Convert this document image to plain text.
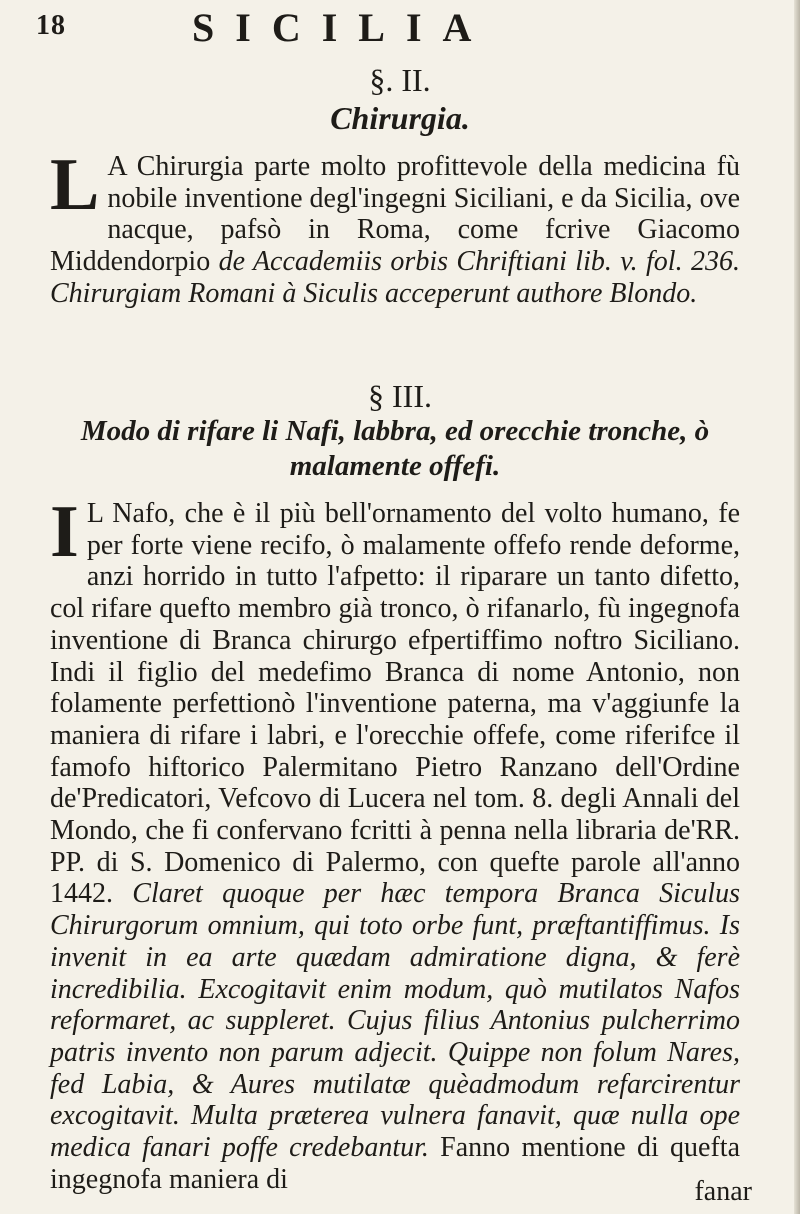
18	SICILIA
§. II.
Chirurgia.

L A Chirurgia parte molto profittevole della medicina fù nobile inventione degl'ingegni Siciliani, e da Sicilia, ove nacque, pafsò in Roma, come fcrive Giacomo Middendorpio de Accademiis orbis Chriftiani lib. v. fol. 236. Chirurgiam Romani à Siculis acceperunt authore Blondo.

§ III.
Modo di rifare li Nafi, labbra, ed orecchie tronche, ò malamente offefi.

I L Nafo, che è il più bell'ornamento del volto humano, fe per forte viene recifo, ò malamente offefo rende deforme, anzi horrido in tutto l'afpetto: il riparare un tanto difetto, col rifare quefto membro già tronco, ò rifanarlo, fù ingegnofa inventione di Branca chirurgo efpertiffimo noftro Siciliano. Indi il figlio del medefimo Branca di nome Antonio, non folamente perfettionò l'inventione paterna, ma v'aggiunfe la maniera di rifare i labri, e l'orecchie offefe, come riferifce il famofo hiftorico Palermitano Pietro Ranzano dell'Ordine de'Predicatori, Vefcovo di Lucera nel tom. 8. degli Annali del Mondo, che fi confervano fcritti à penna nella libraria de'RR. PP. di S. Domenico di Palermo, con quefte parole all'anno 1442. Claret quoque per hæc tempora Branca Siculus Chirurgorum omnium, qui toto orbe funt, præftantiffimus. Is invenit in ea arte quædam admiratione digna, & ferè incredibilia. Excogitavit enim modum, quò mutilatos Nafos reformaret, ac suppleret. Cujus filius Antonius pulcherrimo patris invento non parum adjecit. Quippe non folum Nares, fed Labia, & Aures mutilatæ quèadmodum refarcirentur excogitavit. Multa præterea vulnera fanavit, quæ nulla ope medica fanari poffe credebantur. Fanno mentione di quefta ingegnofa maniera di	fanar
